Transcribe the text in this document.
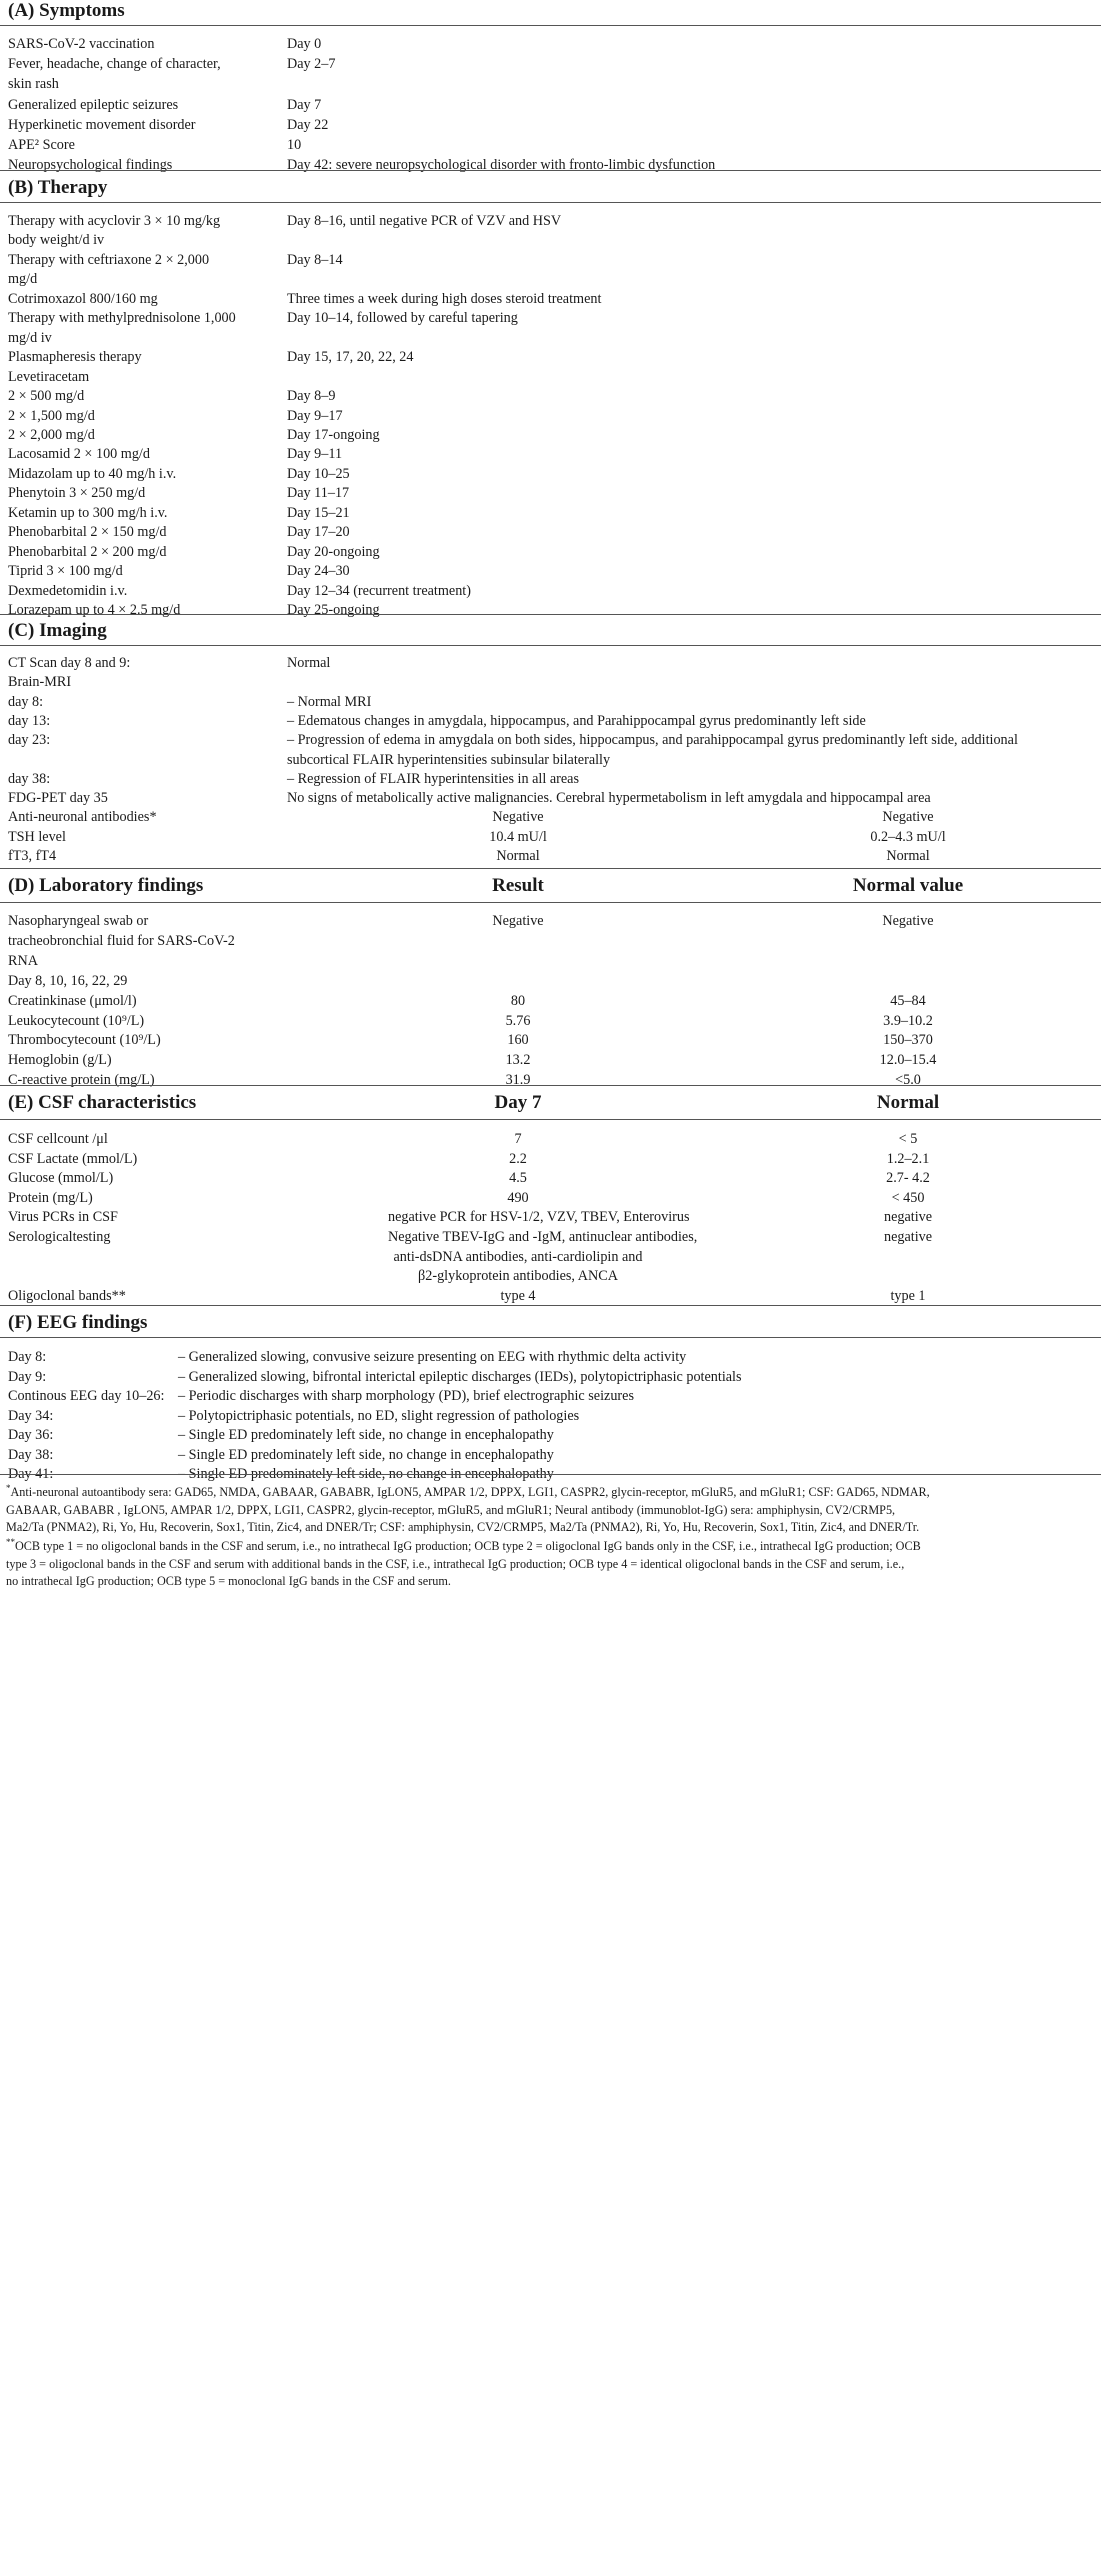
(A) Symptoms
SARS-CoV-2 vaccination	Day 0
Fever, headache, change of character,	Day 2–7
skin rash
Generalized epileptic seizures	Day 7
Hyperkinetic movement disorder	Day 22
APE² Score	10
Neuropsychological findings	Day 42: severe neuropsychological disorder with fronto-limbic dysfunction
(B) Therapy
Therapy with acyclovir 3 × 10 mg/kg	Day 8–16, until negative PCR of VZV and HSV
body weight/d iv
Therapy with ceftriaxone 2 × 2,000	Day 8–14
mg/d
Cotrimoxazol 800/160 mg	Three times a week during high doses steroid treatment
Therapy with methylprednisolone 1,000	Day 10–14, followed by careful tapering
mg/d iv
Plasmapheresis therapy	Day 15, 17, 20, 22, 24
Levetiracetam
2 × 500 mg/d	Day 8–9
2 × 1,500 mg/d	Day 9–17
2 × 2,000 mg/d	Day 17-ongoing
Lacosamid 2 × 100 mg/d	Day 9–11
Midazolam up to 40 mg/h i.v.	Day 10–25
Phenytoin 3 × 250 mg/d	Day 11–17
Ketamin up to 300 mg/h i.v.	Day 15–21
Phenobarbital 2 × 150 mg/d	Day 17–20
Phenobarbital 2 × 200 mg/d	Day 20-ongoing
Tiprid 3 × 100 mg/d	Day 24–30
Dexmedetomidin i.v.	Day 12–34 (recurrent treatment)
Lorazepam up to 4 × 2.5 mg/d	Day 25-ongoing
(C) Imaging
CT Scan day 8 and 9:	Normal
Brain-MRI
day 8:	– Normal MRI
day 13:	– Edematous changes in amygdala, hippocampus, and Parahippocampal gyrus predominantly left side
day 23:	– Progression of edema in amygdala on both sides, hippocampus, and parahippocampal gyrus predominantly left side, additional
subcortical FLAIR hyperintensities subinsular bilaterally
day 38:	– Regression of FLAIR hyperintensities in all areas
FDG-PET day 35	No signs of metabolically active malignancies. Cerebral hypermetabolism in left amygdala and hippocampal area
Anti-neuronal antibodies*	Negative	Negative
TSH level	10.4 mU/l	0.2–4.3 mU/l
fT3, fT4	Normal	Normal
(D) Laboratory findings	Result	Normal value
Nasopharyngeal swab or	Negative	Negative
tracheobronchial fluid for SARS-CoV-2
RNA
Day 8, 10, 16, 22, 29
Creatinkinase (μmol/l)	80	45–84
Leukocytecount (10⁹/L)	5.76	3.9–10.2
Thrombocytecount (10⁹/L)	160	150–370
Hemoglobin (g/L)	13.2	12.0–15.4
C-reactive protein (mg/L)	31.9	<5.0
(E) CSF characteristics	Day 7	Normal
CSF cellcount /μl	7	< 5
CSF Lactate (mmol/L)	2.2	1.2–2.1
Glucose (mmol/L)	4.5	2.7- 4.2
Protein (mg/L)	490	< 450
Virus PCRs in CSF	negative PCR for HSV-1/2, VZV, TBEV, Enterovirus	negative
Serologicaltesting	Negative TBEV-IgG and -IgM, antinuclear antibodies,	negative
anti-dsDNA antibodies, anti-cardiolipin and
β2-glykoprotein antibodies, ANCA
Oligoclonal bands**	type 4	type 1
(F) EEG findings
Day 8:	– Generalized slowing, convusive seizure presenting on EEG with rhythmic delta activity
Day 9:	– Generalized slowing, bifrontal interictal epileptic discharges (IEDs), polytopictriphasic potentials
Continous EEG day 10–26: – Periodic discharges with sharp morphology (PD), brief electrographic seizures
Day 34:	– Polytopictriphasic potentials, no ED, slight regression of pathologies
Day 36:	– Single ED predominately left side, no change in encephalopathy
Day 38:	– Single ED predominately left side, no change in encephalopathy
Day 41:	– Single ED predominately left side, no change in encephalopathy
*Anti-neuronal autoantibody sera: GAD65, NMDA, GABAAR, GABABR, IgLON5, AMPAR 1/2, DPPX, LGI1, CASPR2, glycin-receptor, mGluR5, and mGluR1; CSF: GAD65, NDMAR,
GABAAR, GABABR , IgLON5, AMPAR 1/2, DPPX, LGI1, CASPR2, glycin-receptor, mGluR5, and mGluR1; Neural antibody (immunoblot-IgG) sera: amphiphysin, CV2/CRMP5,
Ma2/Ta (PNMA2), Ri, Yo, Hu, Recoverin, Sox1, Titin, Zic4, and DNER/Tr; CSF: amphiphysin, CV2/CRMP5, Ma2/Ta (PNMA2), Ri, Yo, Hu, Recoverin, Sox1, Titin, Zic4, and DNER/Tr.
**OCB type 1 = no oligoclonal bands in the CSF and serum, i.e., no intrathecal IgG production; OCB type 2 = oligoclonal IgG bands only in the CSF, i.e., intrathecal IgG production; OCB
type 3 = oligoclonal bands in the CSF and serum with additional bands in the CSF, i.e., intrathecal IgG production; OCB type 4 = identical oligoclonal bands in the CSF and serum, i.e.,
no intrathecal IgG production; OCB type 5 = monoclonal IgG bands in the CSF and serum.
